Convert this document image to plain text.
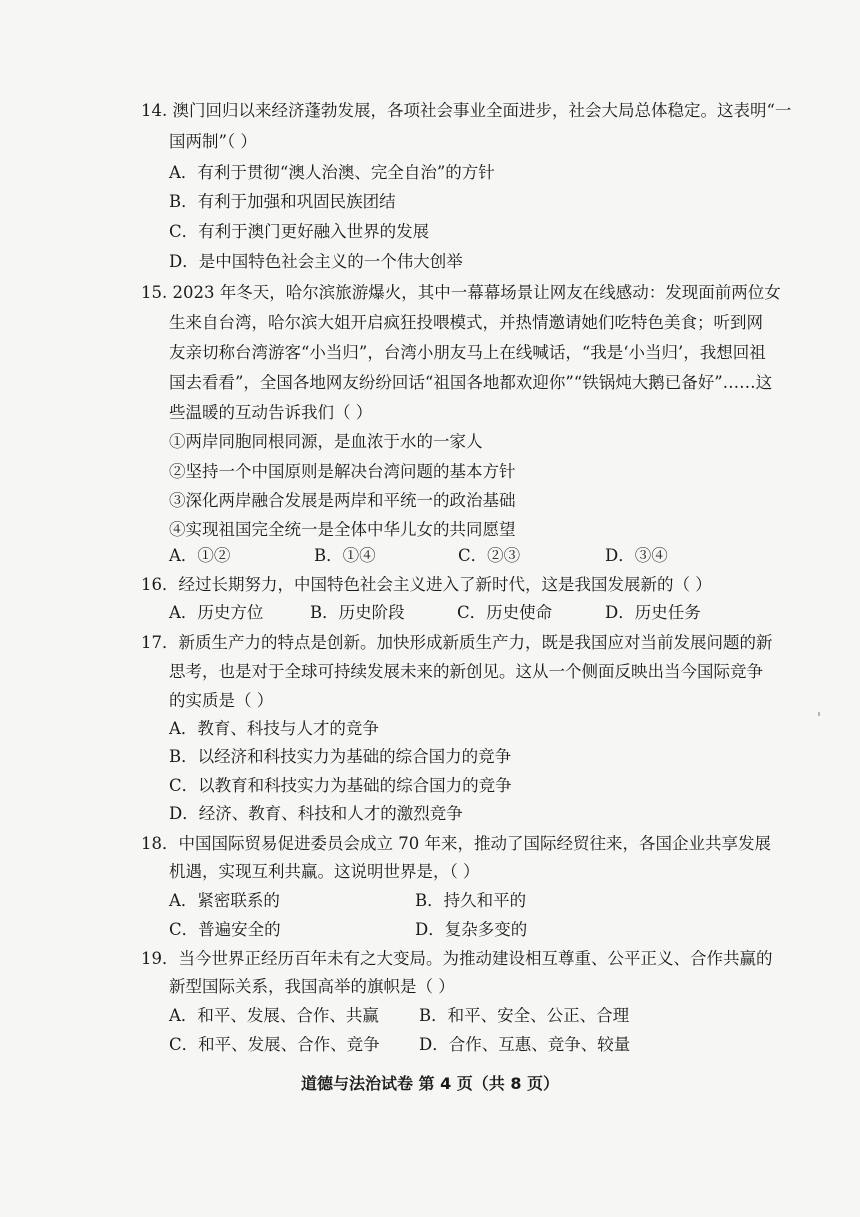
14. 澳门回归以来经济蓬勃发展，各项社会事业全面进步，社会大局总体稳定。这表明“一
国两制”（ ）
A．有利于贯彻“澳人治澳、完全自治”的方针
B．有利于加强和巩固民族团结
C．有利于澳门更好融入世界的发展
D．是中国特色社会主义的一个伟大创举
15. 2023 年冬天，哈尔滨旅游爆火，其中一幕幕场景让网友在线感动：发现面前两位女
生来自台湾，哈尔滨大姐开启疯狂投喂模式，并热情邀请她们吃特色美食；听到网
友亲切称台湾游客“小当归”，台湾小朋友马上在线喊话，“我是‘小当归’，我想回祖
国去看看”，全国各地网友纷纷回话“祖国各地都欢迎你”“铁锅炖大鹅已备好”……这
些温暖的互动告诉我们（ ）
①两岸同胞同根同源，是血浓于水的一家人
②坚持一个中国原则是解决台湾问题的基本方针
③深化两岸融合发展是两岸和平统一的政治基础
④实现祖国完全统一是全体中华儿女的共同愿望
A．①②	B．①④	C．②③	D．③④
16．经过长期努力，中国特色社会主义进入了新时代，这是我国发展新的（ ）
A．历史方位	B．历史阶段	C．历史使命	D．历史任务
17．新质生产力的特点是创新。加快形成新质生产力，既是我国应对当前发展问题的新
思考，也是对于全球可持续发展未来的新创见。这从一个侧面反映出当今国际竞争
的实质是（ ）
A．教育、科技与人才的竞争
B．以经济和科技实力为基础的综合国力的竞争
C．以教育和科技实力为基础的综合国力的竞争
D．经济、教育、科技和人才的激烈竞争
18．中国国际贸易促进委员会成立 70 年来，推动了国际经贸往来，各国企业共享发展
机遇，实现互利共赢。这说明世界是，（ ）
A．紧密联系的	B．持久和平的
C．普遍安全的	D．复杂多变的
19．当今世界正经历百年未有之大变局。为推动建设相互尊重、公平正义、合作共赢的
新型国际关系，我国高举的旗帜是（ ）
A．和平、发展、合作、共赢 B．和平、安全、公正、合理
C．和平、发展、合作、竞争 D．合作、互惠、竞争、较量
道德与法治试卷 第 4 页（共 8 页）
